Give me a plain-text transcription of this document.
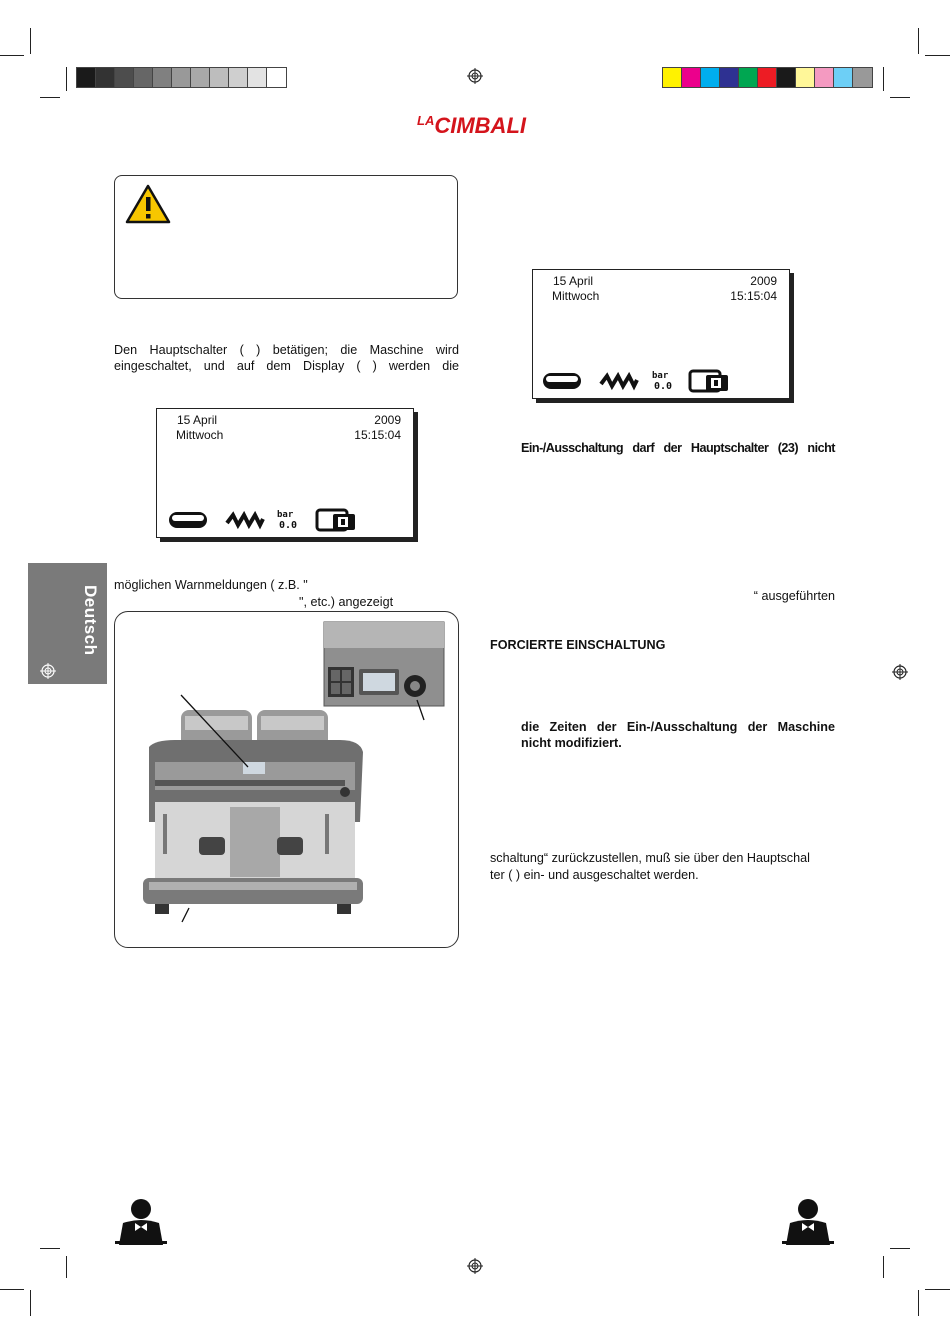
$^{LA}$CIMBALI
Den Hauptschalter ( ) betätigen; die Maschine wird
eingeschaltet, und auf dem Display ( ) werden die
15 April	2009
Mittwoch	15:15:04
bar
0.0
15 April	2009
Mittwoch	15:15:04
bar
0.0
Deutsch möglichen Warnmeldungen ( z.B. "
", etc.) angezeigt
Ein-/Ausschaltung darf der Hauptschalter (23) nicht
“ ausgeführten
FORCIERTE EINSCHALTUNG
die Zeiten der Ein-/Ausschaltung der Maschine
nicht modifiziert.
schaltung“ zurückzustellen, muß sie über den Hauptschal
ter ( ) ein- und ausgeschaltet werden.
